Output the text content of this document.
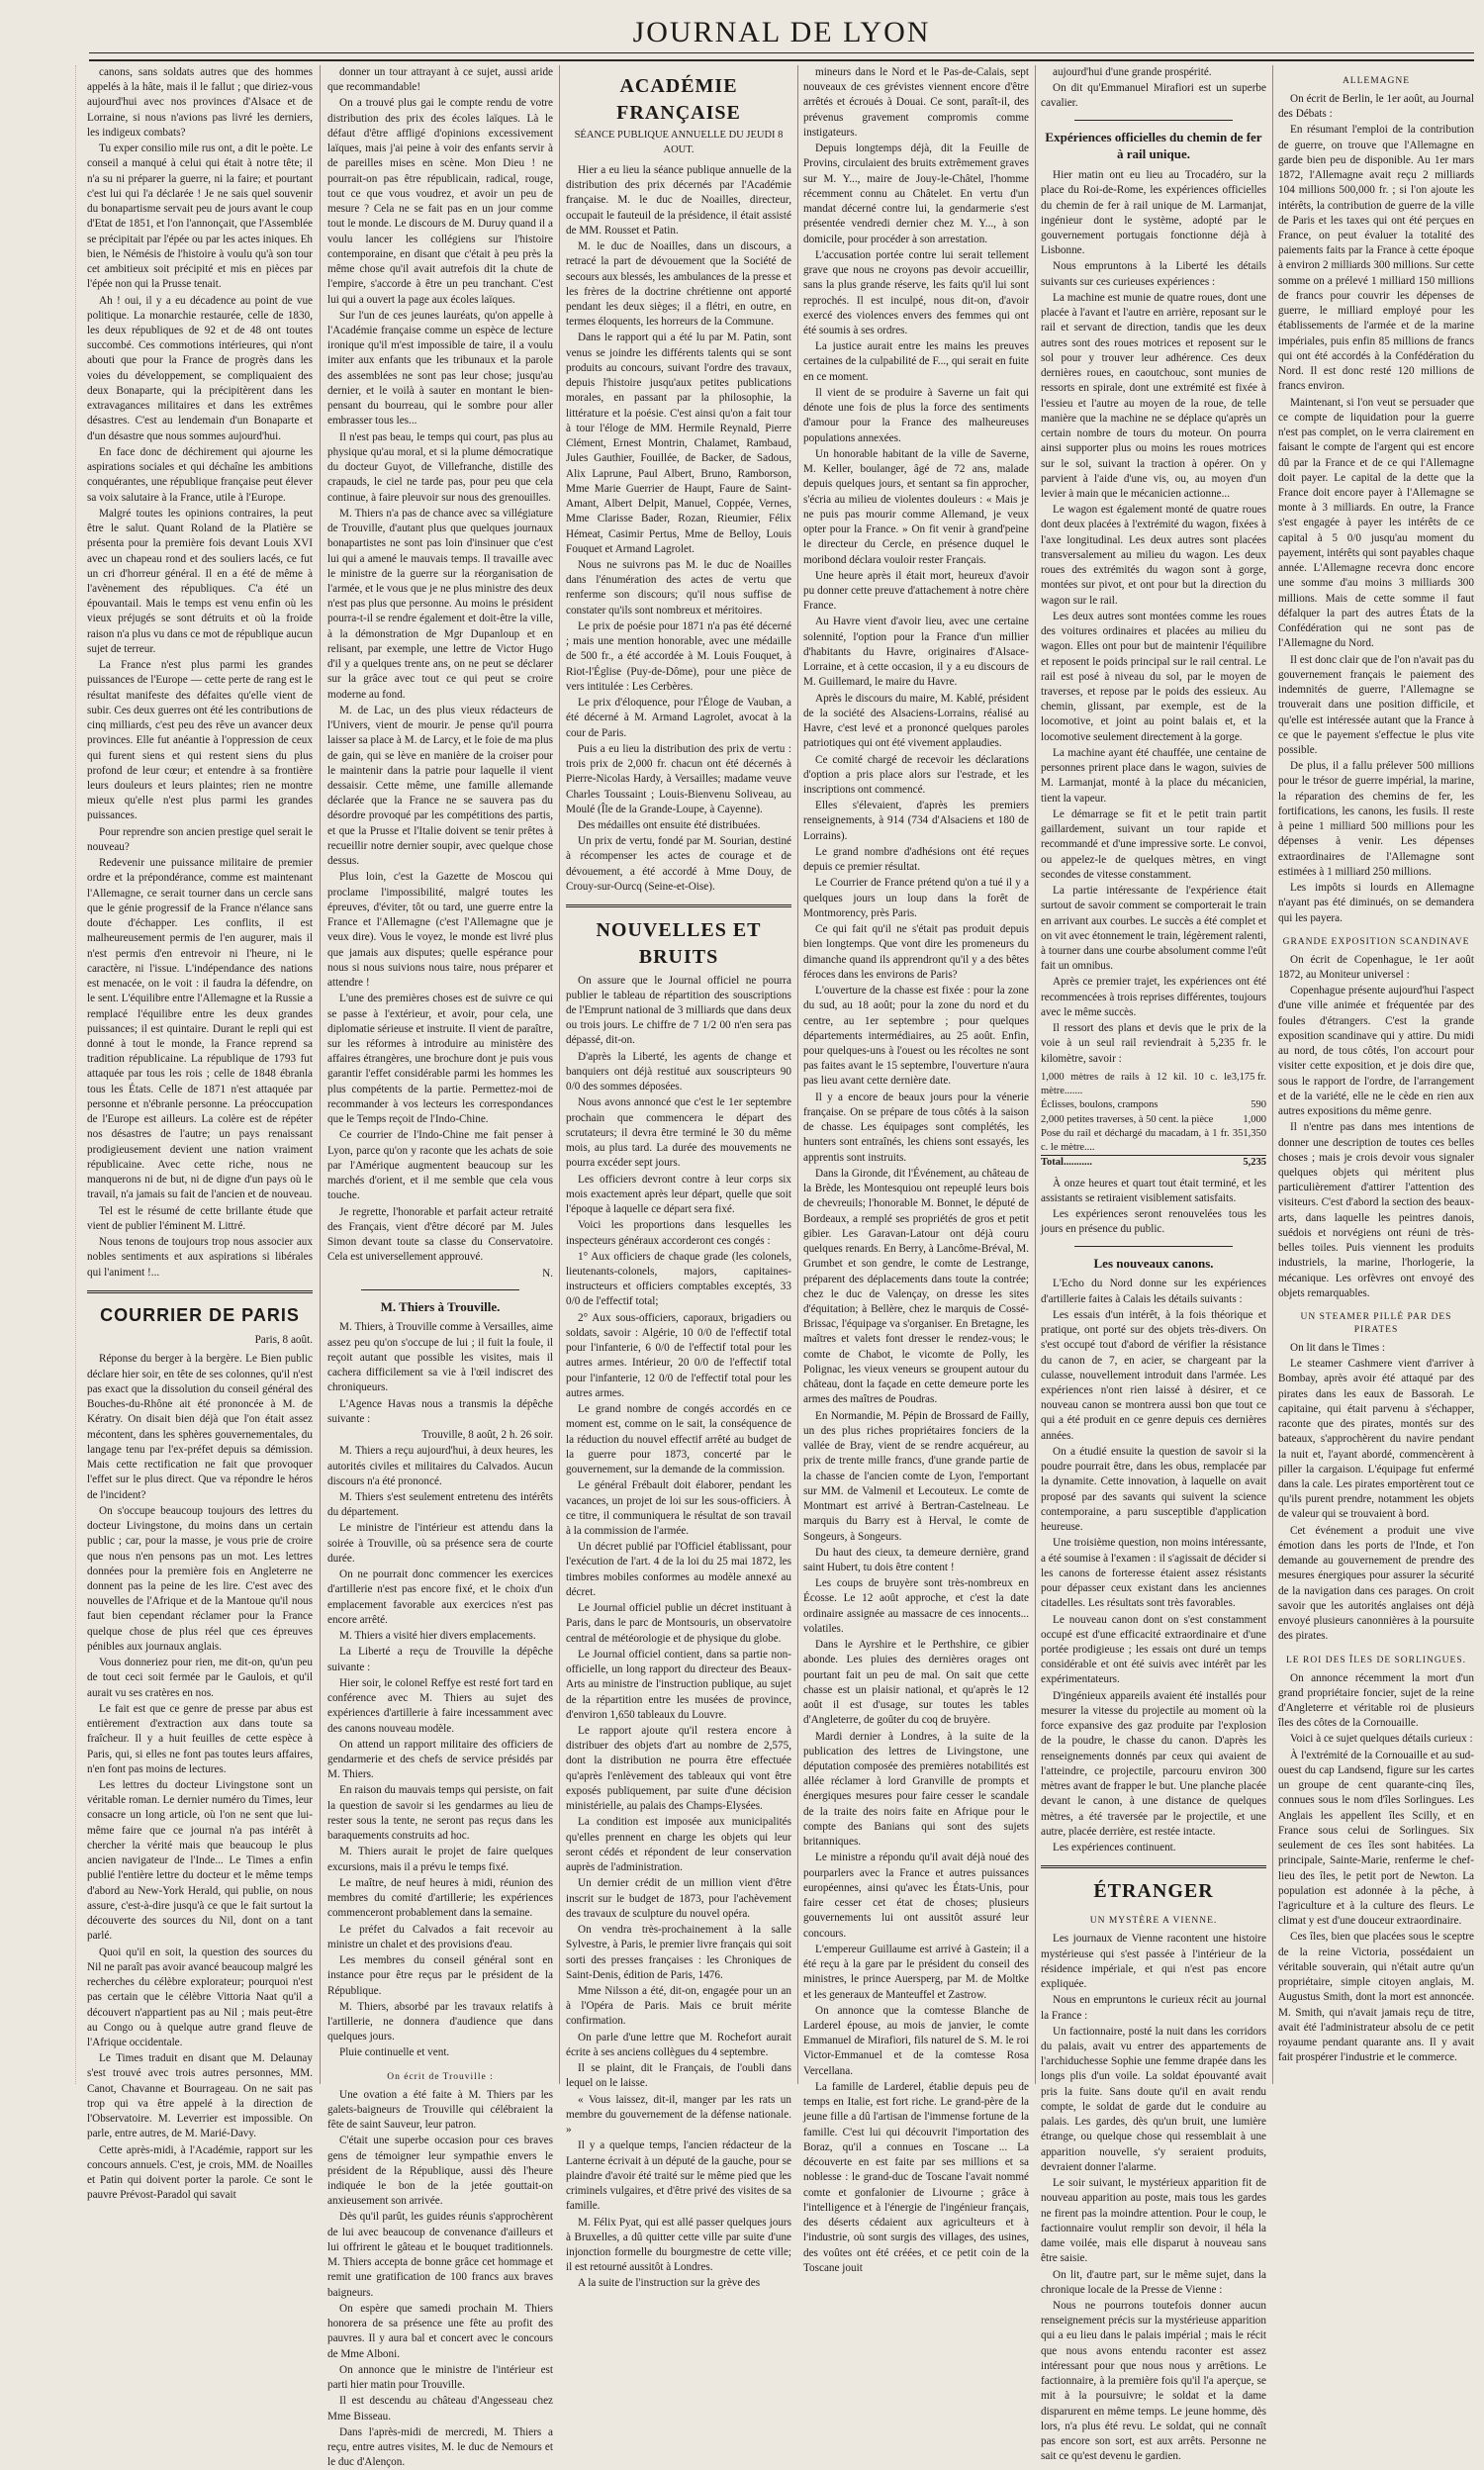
JOURNAL DE LYON

canons, sans soldats autres que des hommes appelés à la hâte, mais il le fallut ; que diriez-vous aujourd'hui avec nos provinces d'Alsace et de Lorraine, si nous n'avions pas livré les derniers, les indigeux combats?

Tu exper consilio mile rus ont, a dit le poète. Le conseil a manqué à celui qui était à notre tête; il n'a su ni préparer la guerre, ni la faire; et pourtant c'est lui qui l'a déclarée ! Je ne sais quel souvenir du bonapartisme servait peu de jours avant le coup d'Etat de 1851, et l'on l'annonçait, que l'Assemblée se précipitait par l'épée ou par les actes iniques. Eh bien, le Némésis de l'histoire à voulu qu'à son tour cet ambitieux soit précipité et mis en pièces par l'épée non qui la Prusse tenait.

Ah ! oui, il y a eu décadence au point de vue politique. La monarchie restaurée, celle de 1830, les deux républiques de 92 et de 48 ont toutes succombé. Ces commotions intérieures, qui n'ont abouti que pour la France de progrès dans les voies du développement, se compliquaient des deux Bonaparte, qui la précipitèrent dans les extravagances militaires et dans les extrêmes désastres. C'est au lendemain d'un Bonaparte et d'un désastre que nous sommes aujourd'hui.

En face donc de déchirement qui ajourne les aspirations sociales et qui déchaîne les ambitions conquérantes, une république française peut élever sa voix salutaire à la France, utile à l'Europe.

Malgré toutes les opinions contraires, la peut être le salut. Quant Roland de la Platière se présenta pour la première fois devant Louis XVI avec un chapeau rond et des souliers lacés, ce fut un cri d'horreur général. Il en a été de même à l'avènement des républiques. C'a été un épouvantail. Mais le temps est venu enfin où les vieux préjugés se sont détruits et où la froide raison n'a plus vu dans ce mot de république aucun sujet de terreur.

La France n'est plus parmi les grandes puissances de l'Europe — cette perte de rang est le résultat manifeste des défaites qu'elle vient de subir. Ces deux guerres ont été les contributions de cinq milliards, c'est peu des rêve un avancer deux provinces. Elle fut anéantie à l'oppression de ceux qui furent siens et qui restent siens du plus profond de leur cœur; et entendre à sa frontière leurs douleurs et leurs plaintes; rien ne montre mieux qu'elle n'est plus parmi les grandes puissances.

Pour reprendre son ancien prestige quel serait le nouveau?

Redevenir une puissance militaire de premier ordre et la prépondérance, comme est maintenant l'Allemagne, ce serait tourner dans un cercle sans que le génie progressif de la France n'élance sans doute d'échapper. Les conflits, il est malheureusement permis de l'en augurer, mais il n'est permis d'en entrevoir ni l'heure, ni le caractère, ni l'issue. L'indépendance des nations est menacée, on le voit : il faudra la défendre, on le sent. L'équilibre entre l'Allemagne et la Russie a remplacé l'équilibre entre les deux grandes puissances; il est quintaire. Durant le repli qui est donné à tout le monde, la France reprend sa tradition républicaine. La république de 1793 fut attaquée par tous les rois ; celle de 1848 ébranla tous les États. Celle de 1871 n'est attaquée par personne et n'ébranle personne. La préoccupation de l'Europe est ailleurs. La colère est de répéter nos désastres de l'autre; un pays renaissant prodigieusement devient une nation vraiment républicaine. Avec cette riche, nous ne manquerons ni de but, ni de digne d'un pays où le travail, n'a jamais su fait de l'ancien et de nouveau.

Tel est le résumé de cette brillante étude que vient de publier l'éminent M. Littré.

Nous tenons de toujours trop nous associer aux nobles sentiments et aux aspirations si libérales qui l'animent !...

COURRIER DE PARIS
Paris, 8 août.

Réponse du berger à la bergère. Le Bien public déclare hier soir, en tête de ses colonnes, qu'il n'est pas exact que la dissolution du conseil général des Bouches-du-Rhône ait été prononcée à M. de Kératry. On disait bien déjà que l'on était assez mécontent, dans les sphères gouvernementales, du langage tenu par l'ex-préfet depuis sa démission. Mais cette rectification ne fait que provoquer l'effet sur le plus direct. Que va répondre le héros de l'incident?

On s'occupe beaucoup toujours des lettres du docteur Livingstone, du moins dans un certain public ; car, pour la masse, je vous prie de croire que nous n'en pensons pas un mot. Les lettres données pour la première fois en Angleterre ne donnent pas la peine de les lire. C'est avec des nouvelles de l'Afrique et de la Mantoue qu'il nous faut bien cependant réclamer pour la France quelque chose de plus réel que ces épreuves pénibles aux journaux anglais.

Vous donneriez pour rien, me dit-on, qu'un peu de tout ceci soit fermée par le Gaulois, et qu'il aurait vu ses cratères en nos.

Le fait est que ce genre de presse par abus est entièrement d'extraction aux dans toute sa fraîcheur. Il y a huit feuilles de cette espèce à Paris, qui, si elles ne font pas toutes leurs affaires, n'en font pas moins de lectures.

Les lettres du docteur Livingstone sont un véritable roman. Le dernier numéro du Times, leur consacre un long article, où l'on ne sent que lui-même faire que ce journal n'a pas intérêt à chercher la vérité mais que beaucoup le plus ancien navigateur de l'Inde... Le Times a enfin publié l'entière lettre du docteur et le même temps d'abord au New-York Herald, qui publie, on nous assure, c'est-à-dire jusqu'à ce que le fait surtout la découverte des sources du Nil, dont on a tant parlé.

Quoi qu'il en soit, la question des sources du Nil ne paraît pas avoir avancé beaucoup malgré les recherches du célèbre explorateur; pourquoi n'est pas certain que le célèbre Vittoria Naat qu'il a découvert n'appartient pas au Nil ; mais peut-être au Congo ou à quelque autre grand fleuve de l'Afrique occidentale.

Le Times traduit en disant que M. Delaunay s'est trouvé avec trois autres personnes, MM. Canot, Chavanne et Bourrageau. On ne sait pas trop qui va être appelé à la direction de l'Observatoire. M. Leverrier est impossible. On parle, entre autres, de M. Marié-Davy.

Cette après-midi, à l'Académie, rapport sur les concours annuels. C'est, je crois, MM. de Noailles et Patin qui doivent porter la parole. Ce sont le pauvre Prévost-Paradol qui savait

donner un tour attrayant à ce sujet, aussi aride que recommandable!

On a trouvé plus gai le compte rendu de votre distribution des prix des écoles laïques. Là le défaut d'être affligé d'opinions excessivement laïques, mais j'ai peine à voir des enfants servir à de pareilles mises en scène. Mon Dieu ! ne pourrait-on pas être républicain, radical, rouge, tout ce que vous voudrez, et avoir un peu de mesure ? Cela ne se fait pas en un jour comme tout le monde. Le discours de M. Duruy quand il a voulu lancer les collégiens sur l'histoire contemporaine, en disant que c'était à peu près la même chose qu'il avait autrefois dit la chute de l'empire, s'accorde à être un peu tranchant. C'est lui qui a ouvert la page aux écoles laïques.

Sur l'un de ces jeunes lauréats, qu'on appelle à l'Académie française comme un espèce de lecture ironique qu'il m'est impossible de taire, il a voulu imiter aux enfants que les tribunaux et la parole des assemblées ne sont pas leur chose; jusqu'au dernier, et le voilà à sauter en montant le bien-pensant du bourreau, qui le sombre pour aller embrasser tous les...

Il n'est pas beau, le temps qui court, pas plus au physique qu'au moral, et si la plume démocratique du docteur Guyot, de Villefranche, distille des crapauds, le ciel ne tarde pas, pour peu que cela continue, à faire pleuvoir sur nous des grenouilles.

M. Thiers n'a pas de chance avec sa villégiature de Trouville, d'autant plus que quelques journaux bonapartistes ne sont pas loin d'insinuer que c'est lui qui a amené le mauvais temps. Il travaille avec le ministre de la guerre sur la réorganisation de l'armée, et le vous que je ne plus ministre des deux n'est pas plus que personne. Au moins le président pourra-t-il se rendre également et doit-être la ville, à la démonstration de Mgr Dupanloup et en relisant, par exemple, une lettre de Victor Hugo d'il y a quelques trente ans, on ne peut se déclarer sur la grâce avec tout ce qui peut se croire moderne au fond.

M. de Lac, un des plus vieux rédacteurs de l'Univers, vient de mourir. Je pense qu'il pourra laisser sa place à M. de Larcy, et le foie de ma plus de gain, qui se lève en manière de la croiser pour le maintenir dans la patrie pour laquelle il vient dessaisir. Cette même, une famille allemande déclarée que la France ne se sauvera pas du désordre provoqué par les compétitions des partis, et que la Prusse et l'Italie doivent se tenir prêtes à recueillir notre dernier soupir, avec quelque chose dessus.

Plus loin, c'est la Gazette de Moscou qui proclame l'impossibilité, malgré toutes les épreuves, d'éviter, tôt ou tard, une guerre entre la France et l'Allemagne (c'est l'Allemagne que je veux dire). Vous le voyez, le monde est livré plus que jamais aux disputes; quelle espérance pour nous si nous suivions nous taire, nous préparer et attendre !

L'une des premières choses est de suivre ce qui se passe à l'extérieur, et avoir, pour cela, une diplomatie sérieuse et instruite. Il vient de paraître, sur les réformes à introduire au ministère des affaires étrangères, une brochure dont je puis vous garantir l'effet considérable parmi les hommes les plus compétents de la partie. Permettez-moi de recommander à vos lecteurs les correspondances que le Temps reçoit de l'Indo-Chine.

Ce courrier de l'Indo-Chine me fait penser à Lyon, parce qu'on y raconte que les achats de soie par l'Amérique augmentent beaucoup sur les marchés d'orient, et il me semble que cela vous touche.

Je regrette, l'honorable et parfait acteur retraité des Français, vient d'être décoré par M. Jules Simon devant toute sa classe du Conservatoire. Cela est universellement approuvé.

N.
M. Thiers à Trouville.

M. Thiers, à Trouville comme à Versailles, aime assez peu qu'on s'occupe de lui ; il fuit la foule, il reçoit autant que possible les visites, mais il cachera difficilement sa vie à l'œil indiscret des chroniqueurs.

L'Agence Havas nous a transmis la dépêche suivante :

Trouville, 8 août, 2 h. 26 soir.

M. Thiers a reçu aujourd'hui, à deux heures, les autorités civiles et militaires du Calvados. Aucun discours n'a été prononcé.

M. Thiers s'est seulement entretenu des intérêts du département.

Le ministre de l'intérieur est attendu dans la soirée à Trouville, où sa présence sera de courte durée.

On ne pourrait donc commencer les exercices d'artillerie n'est pas encore fixé, et le choix d'un emplacement favorable aux exercices n'est pas encore arrêté.

M. Thiers a visité hier divers emplacements.

La Liberté a reçu de Trouville la dépêche suivante :

Hier soir, le colonel Reffye est resté fort tard en conférence avec M. Thiers au sujet des expériences d'artillerie à faire incessamment avec des canons nouveau modèle.

On attend un rapport militaire des officiers de gendarmerie et des chefs de service présidés par M. Thiers.

En raison du mauvais temps qui persiste, on fait la question de savoir si les gendarmes au lieu de rester sous la tente, ne seront pas reçus dans les baraquements construits ad hoc.

M. Thiers aurait le projet de faire quelques excursions, mais il a prévu le temps fixé.

Le maître, de neuf heures à midi, réunion des membres du comité d'artillerie; les expériences commenceront probablement dans la semaine.

Le préfet du Calvados a fait recevoir au ministre un chalet et des provisions d'eau.

Les membres du conseil général sont en instance pour être reçus par le président de la République.

M. Thiers, absorbé par les travaux relatifs à l'artillerie, ne donnera d'audience que dans quelques jours.

Pluie continuelle et vent.

On écrit de Trouville :

Une ovation a été faite à M. Thiers par les galets-baigneurs de Trouville qui célébraient la fête de saint Sauveur, leur patron.

C'était une superbe occasion pour ces braves gens de témoigner leur sympathie envers le président de la République, aussi dès l'heure indiquée le bon de la jetée gouttait-on anxieusement son arrivée.

Dès qu'il parût, les guides réunis s'approchèrent de lui avec beaucoup de convenance d'ailleurs et lui offrirent le gâteau et le bouquet traditionnels. M. Thiers accepta de bonne grâce cet hommage et remit une gratification de 100 francs aux braves baigneurs.

On espère que samedi prochain M. Thiers honorera de sa présence une fête au profit des pauvres. Il y aura bal et concert avec le concours de Mme Alboni.

On annonce que le ministre de l'intérieur est parti hier matin pour Trouville.

Il est descendu au château d'Angesseau chez Mme Bisseau.

Dans l'après-midi de mercredi, M. Thiers a reçu, entre autres visites, M. le duc de Nemours et le duc d'Alençon.

ACADÉMIE FRANÇAISE
SÉANCE PUBLIQUE ANNUELLE DU JEUDI 8 AOUT.

Hier a eu lieu la séance publique annuelle de la distribution des prix décernés par l'Académie française. M. le duc de Noailles, directeur, occupait le fauteuil de la présidence, il était assisté de MM. Rousset et Patin.

M. le duc de Noailles, dans un discours, a retracé la part de dévouement que la Société de secours aux blessés, les ambulances de la presse et les frères de la doctrine chrétienne ont apporté pendant les deux sièges; il a flétri, en outre, en termes éloquents, les horreurs de la Commune.

Dans le rapport qui a été lu par M. Patin, sont venus se joindre les différents talents qui se sont produits au concours, suivant l'ordre des travaux, depuis l'histoire jusqu'aux petites publications morales, en passant par la philosophie, la littérature et la poésie. C'est ainsi qu'on a fait tour à tour l'éloge de MM. Hermile Reynald, Pierre Clément, Ernest Montrin, Chalamet, Rambaud, Jules Gauthier, Fouillée, de Backer, de Sadous, Alix Laprune, Paul Albert, Bruno, Ramborson, Mme Marie Guerrier de Haupt, Faure de Saint-Amant, Albert Delpit, Manuel, Coppée, Vernes, Mme Clarisse Bader, Rozan, Rieumier, Félix Hémeat, Casimir Pertus, Mme de Belloy, Louis Fouquet et Armand Lagrolet.

Nous ne suivrons pas M. le duc de Noailles dans l'énumération des actes de vertu que renferme son discours; qu'il nous suffise de constater qu'ils sont nombreux et méritoires.

Le prix de poésie pour 1871 n'a pas été décerné ; mais une mention honorable, avec une médaille de 500 fr., a été accordée à M. Louis Fouquet, à Riot-l'Église (Puy-de-Dôme), pour une pièce de vers intitulée : Les Cerbères.

Le prix d'éloquence, pour l'Éloge de Vauban, a été décerné à M. Armand Lagrolet, avocat à la cour de Paris.

Puis a eu lieu la distribution des prix de vertu : trois prix de 2,000 fr. chacun ont été décernés à Pierre-Nicolas Hardy, à Versailles; madame veuve Charles Toussaint ; Louis-Bienvenu Soliveau, au Moulé (Île de la Grande-Loupe, à Cayenne).

Des médailles ont ensuite été distribuées.

Un prix de vertu, fondé par M. Sourian, destiné à récompenser les actes de courage et de dévouement, a été accordé à Mme Douy, de Crouy-sur-Ourcq (Seine-et-Oise).

NOUVELLES ET BRUITS

On assure que le Journal officiel ne pourra publier le tableau de répartition des souscriptions de l'Emprunt national de 3 milliards que dans deux ou trois jours. Le chiffre de 7 1/2 00 n'en sera pas dépassé, dit-on.

D'après la Liberté, les agents de change et banquiers ont déjà restitué aux souscripteurs 90 0/0 des sommes déposées.

Nous avons annoncé que c'est le 1er septembre prochain que commencera le départ des scrutateurs; il devra être terminé le 30 du même mois, au plus tard. La durée des mouvements ne pourra excéder sept jours.

Les officiers devront contre à leur corps six mois exactement après leur départ, quelle que soit l'époque à laquelle ce départ sera fixé.

Voici les proportions dans lesquelles les inspecteurs généraux accorderont ces congés :

1° Aux officiers de chaque grade (les colonels, lieutenants-colonels, majors, capitaines-instructeurs et officiers comptables exceptés, 33 0/0 de l'effectif total;

2° Aux sous-officiers, caporaux, brigadiers ou soldats, savoir : Algérie, 10 0/0 de l'effectif total pour l'infanterie, 6 0/0 de l'effectif total pour les autres armes. Intérieur, 20 0/0 de l'effectif total pour l'infanterie, 12 0/0 de l'effectif total pour les autres armes.

Le grand nombre de congés accordés en ce moment est, comme on le sait, la conséquence de la réduction du nouvel effectif arrêté au budget de la guerre pour 1873, concerté par le gouvernement, sur la demande de la commission.

Le général Frébault doit élaborer, pendant les vacances, un projet de loi sur les sous-officiers. À ce titre, il communiquera le résultat de son travail à la commission de l'armée.

Un décret publié par l'Officiel établissant, pour l'exécution de l'art. 4 de la loi du 25 mai 1872, les timbres mobiles conformes au modèle annexé au décret.

Le Journal officiel publie un décret instituant à Paris, dans le parc de Montsouris, un observatoire central de météorologie et de physique du globe.

Le Journal officiel contient, dans sa partie non-officielle, un long rapport du directeur des Beaux-Arts au ministre de l'instruction publique, au sujet de la répartition entre les musées de province, d'environ 1,650 tableaux du Louvre.

Le rapport ajoute qu'il restera encore à distribuer des objets d'art au nombre de 2,575, dont la distribution ne pourra être effectuée qu'après l'enlèvement des tableaux qui vont être exposés publiquement, par suite d'une décision ministérielle, au palais des Champs-Elysées.

La condition est imposée aux municipalités qu'elles prennent en charge les objets qui leur seront cédés et répondent de leur conservation auprès de l'administration.

Un dernier crédit de un million vient d'être inscrit sur le budget de 1873, pour l'achèvement des travaux de sculpture du nouvel opéra.

On vendra très-prochainement à la salle Sylvestre, à Paris, le premier livre français qui soit sorti des presses françaises : les Chroniques de Saint-Denis, édition de Paris, 1476.

Mme Nilsson a été, dit-on, engagée pour un an à l'Opéra de Paris. Mais ce bruit mérite confirmation.

On parle d'une lettre que M. Rochefort aurait écrite à ses anciens collègues du 4 septembre.

Il se plaint, dit le Français, de l'oubli dans lequel on le laisse.

« Vous laissez, dit-il, manger par les rats un membre du gouvernement de la défense nationale. »

Il y a quelque temps, l'ancien rédacteur de la Lanterne écrivait à un député de la gauche, pour se plaindre d'avoir été traité sur le même pied que les criminels vulgaires, et d'être privé des visites de sa famille.

M. Félix Pyat, qui est allé passer quelques jours à Bruxelles, a dû quitter cette ville par suite d'une injonction formelle du bourgmestre de cette ville; il est retourné aussitôt à Londres.

A la suite de l'instruction sur la grève des

mineurs dans le Nord et le Pas-de-Calais, sept nouveaux de ces grévistes viennent encore d'être arrêtés et écroués à Douai. Ce sont, paraît-il, des prévenus gravement compromis comme instigateurs.

Depuis longtemps déjà, dit la Feuille de Provins, circulaient des bruits extrêmement graves sur M. Y..., maire de Jouy-le-Châtel, l'homme récemment connu au Châtelet. En vertu d'un mandat décerné contre lui, la gendarmerie s'est présentée vendredi dernier chez M. Y..., à son domicile, pour procéder à son arrestation.

L'accusation portée contre lui serait tellement grave que nous ne croyons pas devoir accueillir, sans la plus grande réserve, les faits qu'il lui sont reprochés. Il est inculpé, nous dit-on, d'avoir exercé des violences envers des femmes qui ont été soumis à ses ordres.

La justice aurait entre les mains les preuves certaines de la culpabilité de F..., qui serait en fuite en ce moment.

Il vient de se produire à Saverne un fait qui dénote une fois de plus la force des sentiments d'amour pour la France des malheureuses populations annexées.

Un honorable habitant de la ville de Saverne, M. Keller, boulanger, âgé de 72 ans, malade depuis quelques jours, et sentant sa fin approcher, s'écria au milieu de violentes douleurs : « Mais je ne puis pas mourir comme Allemand, je veux opter pour la France. » On fit venir à grand'peine le directeur du Cercle, en présence duquel le moribond déclara vouloir rester Français.

Une heure après il était mort, heureux d'avoir pu donner cette preuve d'attachement à notre chère France.

Au Havre vient d'avoir lieu, avec une certaine solennité, l'option pour la France d'un millier d'habitants du Havre, originaires d'Alsace-Lorraine, et à cette occasion, il y a eu discours de M. Guillemard, le maire du Havre.

Après le discours du maire, M. Kablé, président de la société des Alsaciens-Lorrains, réalisé au Havre, c'est levé et a prononcé quelques paroles patriotiques qui ont été vivement applaudies.

Ce comité chargé de recevoir les déclarations d'option a pris place alors sur l'estrade, et les inscriptions ont commencé.

Elles s'élevaient, d'après les premiers renseignements, à 914 (734 d'Alsaciens et 180 de Lorrains).

Le grand nombre d'adhésions ont été reçues depuis ce premier résultat.

Le Courrier de France prétend qu'on a tué il y a quelques jours un loup dans la forêt de Montmorency, près Paris.

Ce qui fait qu'il ne s'était pas produit depuis bien longtemps. Que vont dire les promeneurs du dimanche quand ils apprendront qu'il y a des bêtes féroces dans les environs de Paris?

L'ouverture de la chasse est fixée : pour la zone du sud, au 18 août; pour la zone du nord et du centre, au 1er septembre ; pour quelques départements intermédiaires, au 25 août. Enfin, pour quelques-uns à l'ouest ou les récoltes ne sont pas faites avant le 15 septembre, l'ouverture n'aura pas lieu avant cette dernière date.

Il y a encore de beaux jours pour la vénerie française. On se prépare de tous côtés à la saison de chasse. Les équipages sont complétés, les hunters sont entraînés, les chiens sont essayés, les apprentis sont instruits.

Dans la Gironde, dit l'Événement, au château de la Brède, les Montesquiou ont repeuplé leurs bois de chevreuils; l'honorable M. Bonnet, le député de Bordeaux, a remplé ses propriétés de gros et petit gibier. Les Garavan-Latour ont déjà couru quelques renards. En Berry, à Lancôme-Bréval, M. Grumbet et son gendre, le comte de Lestrange, préparent des déplacements dans toute la contrée; chez le duc de Valençay, on dresse les sites d'équitation; à Bellère, chez le marquis de Cossé-Brissac, l'équipage va s'organiser. En Bretagne, les maîtres et valets font dresser le rendez-vous; le comte de Chabot, le vicomte de Polly, les Polignac, les vieux veneurs se groupent autour du château, dont la façade en cette demeure porte les armes des maîtres de Poudras.

En Normandie, M. Pépin de Brossard de Failly, un des plus riches propriétaires fonciers de la vallée de Bray, vient de se rendre acquéreur, au prix de trente mille francs, d'une grande partie de la chasse de l'ancien comte de Lyon, l'emportant sur MM. de Valmenil et Lecouteux. Le comte de Montmart est arrivé à Bertran-Castelneau. Le marquis du Barry est à Herval, le comte de Songeurs, à Songeurs.

Du haut des cieux, ta demeure dernière, grand saint Hubert, tu dois être content !

Les coups de bruyère sont très-nombreux en Écosse. Le 12 août approche, et c'est la date ordinaire assignée au massacre de ces innocents... volatiles.

Dans le Ayrshire et le Perthshire, ce gibier abonde. Les pluies des dernières orages ont pourtant fait un peu de mal. On sait que cette chasse est un plaisir national, et qu'après le 12 août il est d'usage, sur toutes les tables d'Angleterre, de goûter du coq de bruyère.

Mardi dernier à Londres, à la suite de la publication des lettres de Livingstone, une députation composée des premières notabilités est allée réclamer à lord Granville de prompts et énergiques mesures pour faire cesser le scandale de la traite des noirs faite en Afrique pour le compte des Banians qui sont des sujets britanniques.

Le ministre a répondu qu'il avait déjà noué des pourparlers avec la France et autres puissances européennes, ainsi qu'avec les États-Unis, pour faire cesser cet état de choses; plusieurs gouvernements lui ont aussitôt assuré leur concours.

L'empereur Guillaume est arrivé à Gastein; il a été reçu à la gare par le président du conseil des ministres, le prince Auersperg, par M. de Moltke et les generaux de Manteuffel et Zastrow.

On annonce que la comtesse Blanche de Larderel épouse, au mois de janvier, le comte Emmanuel de Mirafiori, fils naturel de S. M. le roi Victor-Emmanuel et de la comtesse Rosa Vercellana.

La famille de Larderel, établie depuis peu de temps en Italie, est fort riche. Le grand-père de la jeune fille a dû l'artisan de l'immense fortune de la famille. C'est lui qui découvrit l'importation des Boraz, qu'il a connues en Toscane ... La découverte en est faite par ses millions et sa noblesse : le grand-duc de Toscane l'avait nommé comte et gonfalonier de Livourne ; grâce à l'intelligence et à l'énergie de l'ingénieur français, des déserts cédaient aux agriculteurs et à l'industrie, où sont surgis des villages, des usines, des voûtes ont été créées, et ce petit coin de la Toscane jouit

aujourd'hui d'une grande prospérité.

On dit qu'Emmanuel Mirafiori est un superbe cavalier.

Expériences officielles du chemin de fer à rail unique.

Hier matin ont eu lieu au Trocadéro, sur la place du Roi-de-Rome, les expériences officielles du chemin de fer à rail unique de M. Larmanjat, ingénieur dont le système, adopté par le gouvernement portugais fonctionne déjà à Lisbonne.

Nous empruntons à la Liberté les détails suivants sur ces curieuses expériences :

La machine est munie de quatre roues, dont une placée à l'avant et l'autre en arrière, reposant sur le rail et servant de direction, tandis que les deux autres sont des roues motrices et reposent sur le sol pour y trouver leur adhérence. Ces deux dernières roues, en caoutchouc, sont munies de ressorts en spirale, dont une extrémité est fixée à l'essieu et l'autre au moyen de la roue, de telle manière que la machine ne se déplace qu'après un certain nombre de tours du moteur. On pourra ainsi supporter plus ou moins les roues motrices sur le sol, suivant la traction à opérer. On y parvient à l'aide d'une vis, ou, au moyen d'un levier à main que le mécanicien actionne...

Le wagon est également monté de quatre roues dont deux placées à l'extrémité du wagon, fixées à l'axe longitudinal. Les deux autres sont placées transversalement au milieu du wagon. Les deux roues des extrémités du wagon sont à gorge, montées sur pivot, et ont pour but la direction du wagon sur le rail.

Les deux autres sont montées comme les roues des voitures ordinaires et placées au milieu du wagon. Elles ont pour but de maintenir l'équilibre et reposent le poids principal sur le rail central. Le rail est posé à niveau du sol, par le moyen de traverses, et repose par le poids des essieux. Au chemin, glissant, par exemple, est de la locomotive, et joint au point balais et, et la locomotive seulement directement à la gorge.

La machine ayant été chauffée, une centaine de personnes prirent place dans le wagon, suivies de M. Larmanjat, monté à la place du mécanicien, tient la vapeur.

Le démarrage se fit et le petit train partit gaillardement, suivant un tour rapide et recommandé et d'une impressive sorte. Le convoi, ou appelez-le de quelques mètres, en vingt secondes de vitesse constamment.

La partie intéressante de l'expérience était surtout de savoir comment se comporterait le train en arrivant aux courbes. Le succès a été complet et on vit avec étonnement le train, légèrement ralenti, à tourner dans une courbe absolument comme l'eût fait un omnibus.

Après ce premier trajet, les expériences ont été recommencées à trois reprises différentes, toujours avec le même succès.

Il ressort des plans et devis que le prix de la voie à un seul rail reviendrait à 5,235 fr. le kilomètre, savoir :

1,000 mètres de rails à 12 kil. 10 c. le mètre.......
3,175 fr.
Éclisses, boulons, crampons	590
2,000 petites traverses, à 50 cent. la pièce	1,000
Pose du rail et déchargé du macadam, à 1 fr. 35 c. le mètre....
1,350
Total...........	5,235

À onze heures et quart tout était terminé, et les assistants se retiraient visiblement satisfaits.

Les expériences seront renouvelées tous les jours en présence du public.

Les nouveaux canons.

L'Echo du Nord donne sur les expériences d'artillerie faites à Calais les détails suivants :

Les essais d'un intérêt, à la fois théorique et pratique, ont porté sur des objets très-divers. On s'est occupé tout d'abord de vérifier la résistance du canon de 7, en acier, se chargeant par la culasse, nouvellement introduit dans l'armée. Les expériences n'ont rien laissé à désirer, et ce nouveau canon se montrera aussi bon que tout ce qui a été produit en ce genre depuis ces dernières années.

On a étudié ensuite la question de savoir si la poudre pourrait être, dans les obus, remplacée par la dynamite. Cette innovation, à laquelle on avait proposé par des savants qui suivent la science contemporaine, a paru susceptible d'application heureuse.

Une troisième question, non moins intéressante, a été soumise à l'examen : il s'agissait de décider si les canons de forteresse étaient assez résistants pour dépasser ceux existant dans les anciennes citadelles. Les résultats sont très favorables.

Le nouveau canon dont on s'est constamment occupé est d'une efficacité extraordinaire et d'une portée prodigieuse ; les essais ont duré un temps considérable et ont été suivis avec intérêt par les expérimentateurs.

D'ingénieux appareils avaient été installés pour mesurer la vitesse du projectile au moment où la force expansive des gaz produite par l'explosion de la poudre, le chasse du canon. D'après les renseignements donnés par ceux qui avaient de l'atteindre, ce projectile, parcouru environ 300 mètres avant de frapper le but. Une planche placée devant le canon, à une distance de quelques mètres, a été traversée par le projectile, et une autre, placée derrière, est restée intacte.

Les expériences continuent.

ÉTRANGER
UN MYSTÈRE A VIENNE.

Les journaux de Vienne racontent une histoire mystérieuse qui s'est passée à l'intérieur de la résidence impériale, et qui n'est pas encore expliquée.

Nous en empruntons le curieux récit au journal la France :

Un factionnaire, posté la nuit dans les corridors du palais, avait vu entrer des appartements de l'archiduchesse Sophie une femme drapée dans les longs plis d'un voile. La soldat épouvanté avait pris la fuite. Sans doute qu'il en avait rendu compte, le soldat de garde dut le conduire au palais. Les gardes, dès qu'un bruit, une lumière étrange, ou quelque chose qui ressemblait à une apparition nouvelle, s'y seraient produits, devraient donner l'alarme.

Le soir suivant, le mystérieux apparition fit de nouveau apparition au poste, mais tous les gardes ne firent pas la moindre attention. Pour le coup, le factionnaire voulut remplir son devoir, il héla la dame voilée, mais elle disparut à nouveau sans être saisie.

On lit, d'autre part, sur le même sujet, dans la chronique locale de la Presse de Vienne :

Nous ne pourrons toutefois donner aucun renseignement précis sur la mystérieuse apparition qui a eu lieu dans le palais impérial ; mais le récit que nous avons entendu raconter est assez intéressant pour que nous nous y arrêtions. Le factionnaire, à la première fois qu'il l'a aperçue, se mit à la poursuivre; le soldat et la dame disparurent en même temps. Le jeune homme, dès lors, n'a plus été revu. Le soldat, qui ne connaît pas encore son sort, est aux arrêts. Personne ne sait ce qu'est devenu le gardien.

ALLEMAGNE

On écrit de Berlin, le 1er août, au Journal des Débats :

En résumant l'emploi de la contribution de guerre, on trouve que l'Allemagne en garde bien peu de disponible. Au 1er mars 1872, l'Allemagne avait reçu 2 milliards 104 millions 500,000 fr. ; si l'on ajoute les intérêts, la contribution de guerre de la ville de Paris et les taxes qui ont été perçues en France, on peut évaluer la totalité des paiements faits par la France à cette époque à environ 2 milliards 300 millions. Sur cette somme on a prélevé 1 milliard 150 millions de francs pour couvrir les dépenses de guerre, le milliard employé pour les établissements de l'armée et de la marine impériales, puis enfin 85 millions de francs qui ont été accordés à la Confédération du Nord. Il est donc resté 120 millions de francs environ.

Maintenant, si l'on veut se persuader que ce compte de liquidation pour la guerre n'est pas complet, on le verra clairement en faisant le compte de l'argent qui est encore dû par la France et de ce qui l'Allemagne doit payer. Le capital de la dette que la France doit encore payer à l'Allemagne se monte à 3 milliards. En outre, la France s'est engagée à payer les intérêts de ce capital à 5 0/0 jusqu'au moment du payement, intérêts qui sont payables chaque année. L'Allemagne recevra donc encore une somme d'au moins 3 milliards 300 millions. Mais de cette somme il faut défalquer la part des autres États de la Confédération qui ne sont pas de l'Allemagne du Nord.

Il est donc clair que de l'on n'avait pas du gouvernement français le paiement des indemnités de guerre, l'Allemagne se trouverait dans une position difficile, et qu'elle est intéressée autant que la France à ce que le payement s'effectue le plus vite possible.

De plus, il a fallu prélever 500 millions pour le trésor de guerre impérial, la marine, la réparation des chemins de fer, les fortifications, les canons, les fusils. Il reste à peine 1 milliard 500 millions pour les dépenses à venir. Les dépenses extraordinaires de l'Allemagne sont estimées à 1 milliard 250 millions.

Les impôts si lourds en Allemagne n'ayant pas été diminués, on se demandera qui les payera.

GRANDE EXPOSITION SCANDINAVE

On écrit de Copenhague, le 1er août 1872, au Moniteur universel :

Copenhague présente aujourd'hui l'aspect d'une ville animée et fréquentée par des foules d'étrangers. C'est la grande exposition scandinave qui y attire. Du midi au nord, de tous côtés, l'on accourt pour visiter cette exposition, et je dois dire que, sous le rapport de l'ordre, de l'arrangement et de la variété, elle ne le cède en rien aux autres expositions du même genre.

Il n'entre pas dans mes intentions de donner une description de toutes ces belles choses ; mais je crois devoir vous signaler quelques objets qui méritent plus particulièrement d'attirer l'attention des visiteurs. C'est d'abord la section des beaux-arts, dans laquelle les peintres danois, suédois et norvégiens ont réuni de très-belles toiles. Puis viennent les produits industriels, la marine, l'horlogerie, la mécanique. Les orfèvres ont envoyé des objets remarquables.

UN STEAMER PILLÉ PAR DES PIRATES

On lit dans le Times :

Le steamer Cashmere vient d'arriver à Bombay, après avoir été attaqué par des pirates dans les eaux de Bassorah. Le capitaine, qui était parvenu à s'échapper, raconte que des pirates, montés sur des bateaux, s'approchèrent du navire pendant la nuit et, l'ayant abordé, commencèrent à piller la cargaison. L'équipage fut enfermé dans la cale. Les pirates emportèrent tout ce qu'ils purent prendre, notamment les objets de valeur qui se trouvaient à bord.

Cet événement a produit une vive émotion dans les ports de l'Inde, et l'on demande au gouvernement de prendre des mesures énergiques pour assurer la sécurité de la navigation dans ces parages. On croit savoir que les autorités anglaises ont déjà envoyé plusieurs canonnières à la poursuite des pirates.

LE ROI DES ÎLES DE SORLINGUES.

On annonce récemment la mort d'un grand propriétaire foncier, sujet de la reine d'Angleterre et véritable roi de plusieurs îles des côtes de la Cornouaille.

Voici à ce sujet quelques détails curieux :

À l'extrémité de la Cornouaille et au sud-ouest du cap Landsend, figure sur les cartes un groupe de cent quarante-cinq îles, connues sous le nom d'îles Sorlingues. Les Anglais les appellent îles Scilly, et en France sous celui de Sorlingues. Six seulement de ces îles sont habitées. La principale, Sainte-Marie, renferme le chef-lieu des îles, le petit port de Newton. La population est adonnée à la pêche, à l'agriculture et à la culture des fleurs. Le climat y est d'une douceur extraordinaire.

Ces îles, bien que placées sous le sceptre de la reine Victoria, possédaient un véritable souverain, qui n'était autre qu'un propriétaire, simple citoyen anglais, M. Augustus Smith, dont la mort est annoncée. M. Smith, qui n'avait jamais reçu de titre, avait été l'administrateur absolu de ce petit royaume pendant quarante ans. Il y avait fait prospérer l'industrie et le commerce.
